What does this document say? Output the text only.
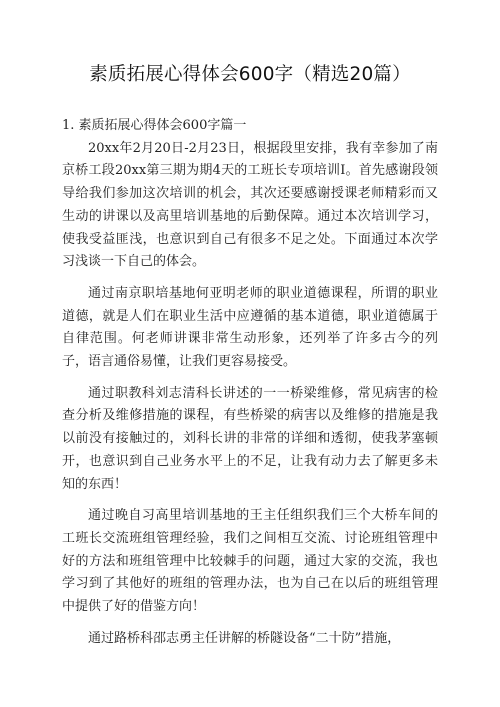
素质拓展心得体会600字（精选20篇）

1. 素质拓展心得体会600字篇一

20xx年2月20日-2月23日，根据段里安排，我有幸参加了南京桥工段20xx第三期为期4天的工班长专项培训Ⅰ。首先感谢段领导给我们参加这次培训的机会，其次还要感谢授课老师精彩而又生动的讲课以及高里培训基地的后勤保障。通过本次培训学习，使我受益匪浅，也意识到自己有很多不足之处。下面通过本次学习浅谈一下自己的体会。

通过南京职培基地何亚明老师的职业道德课程，所谓的职业道德，就是人们在职业生活中应遵循的基本道德，职业道德属于自律范围。何老师讲课非常生动形象，还列举了许多古今的列子，语言通俗易懂，让我们更容易接受。

通过职教科刘志清科长讲述的一一桥梁维修，常见病害的检查分析及维修措施的课程，有些桥梁的病害以及维修的措施是我以前没有接触过的，刘科长讲的非常的详细和透彻，使我茅塞顿开，也意识到自己业务水平上的不足，让我有动力去了解更多未知的东西！

通过晚自习高里培训基地的王主任组织我们三个大桥车间的工班长交流班组管理经验，我们之间相互交流、讨论班组管理中好的方法和班组管理中比较棘手的问题，通过大家的交流，我也学习到了其他好的班组的管理办法，也为自己在以后的班组管理中提供了好的借鉴方向！

通过路桥科邵志勇主任讲解的桥隧设备“二十防”措施，
